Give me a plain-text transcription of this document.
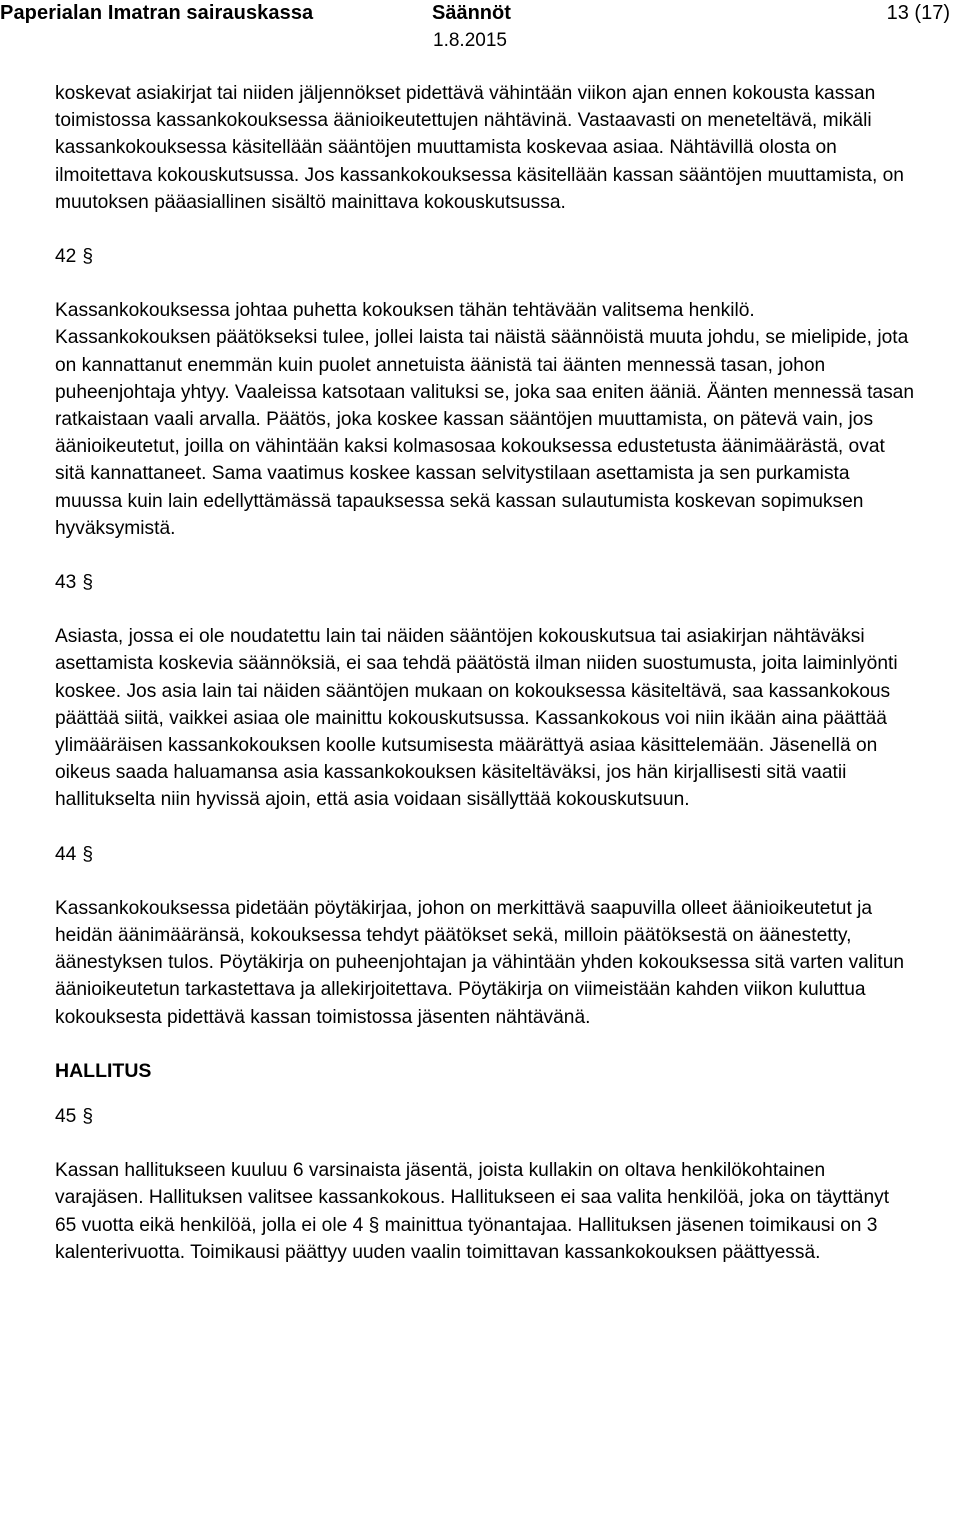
Paperialan Imatran sairauskassa	Säännöt
1.8.2015
13 (17)

koskevat asiakirjat tai niiden jäljennökset pidettävä vähintään viikon ajan ennen kokousta kassan toimistossa kassankokouksessa äänioikeutettujen nähtävinä. Vastaavasti on meneteltävä, mikäli kassankokouksessa käsitellään sääntöjen muuttamista koskevaa asiaa. Nähtävillä olosta on ilmoitettava kokouskutsussa. Jos kassankokouksessa käsitellään kassan sääntöjen muuttamista, on muutoksen pääasiallinen sisältö mainittava kokouskutsussa.

42 §

Kassankokouksessa johtaa puhetta kokouksen tähän tehtävään valitsema henkilö. Kassankokouksen päätökseksi tulee, jollei laista tai näistä säännöistä muuta johdu, se mielipide, jota on kannattanut enemmän kuin puolet annetuista äänistä tai äänten mennessä tasan, johon puheenjohtaja yhtyy. Vaaleissa katsotaan valituksi se, joka saa eniten ääniä. Äänten mennessä tasan ratkaistaan vaali arvalla. Päätös, joka koskee kassan sääntöjen muuttamista, on pätevä vain, jos äänioikeutetut, joilla on vähintään kaksi kolmasosaa kokouksessa edustetusta äänimäärästä, ovat sitä kannattaneet. Sama vaatimus koskee kassan selvitystilaan asettamista ja sen purkamista muussa kuin lain edellyttämässä tapauksessa sekä kassan sulautumista koskevan sopimuksen hyväksymistä.

43 §

Asiasta, jossa ei ole noudatettu lain tai näiden sääntöjen kokouskutsua tai asiakirjan nähtäväksi asettamista koskevia säännöksiä, ei saa tehdä päätöstä ilman niiden suostumusta, joita laiminlyönti koskee. Jos asia lain tai näiden sääntöjen mukaan on kokouksessa käsiteltävä, saa kassankokous päättää siitä, vaikkei asiaa ole mainittu kokouskutsussa. Kassankokous voi niin ikään aina päättää ylimääräisen kassankokouksen koolle kutsumisesta määrättyä asiaa käsittelemään. Jäsenellä on oikeus saada haluamansa asia kassankokouksen käsiteltäväksi, jos hän kirjallisesti sitä vaatii hallitukselta niin hyvissä ajoin, että asia voidaan sisällyttää kokouskutsuun.

44 §

Kassankokouksessa pidetään pöytäkirjaa, johon on merkittävä saapuvilla olleet äänioikeutetut ja heidän äänimääränsä, kokouksessa tehdyt päätökset sekä, milloin päätöksestä on äänestetty, äänestyksen tulos. Pöytäkirja on puheenjohtajan ja vähintään yhden kokouksessa sitä varten valitun äänioikeutetun tarkastettava ja allekirjoitettava. Pöytäkirja on viimeistään kahden viikon kuluttua kokouksesta pidettävä kassan toimistossa jäsenten nähtävänä.

HALLITUS

45 §

Kassan hallitukseen kuuluu 6 varsinaista jäsentä, joista kullakin on oltava henkilökohtainen varajäsen. Hallituksen valitsee kassankokous. Hallitukseen ei saa valita henkilöä, joka on täyttänyt 65 vuotta eikä henkilöä, jolla ei ole 4 § mainittua työnantajaa. Hallituksen jäsenen toimikausi on 3 kalenterivuotta. Toimikausi päättyy uuden vaalin toimittavan kassankokouksen päättyessä.
